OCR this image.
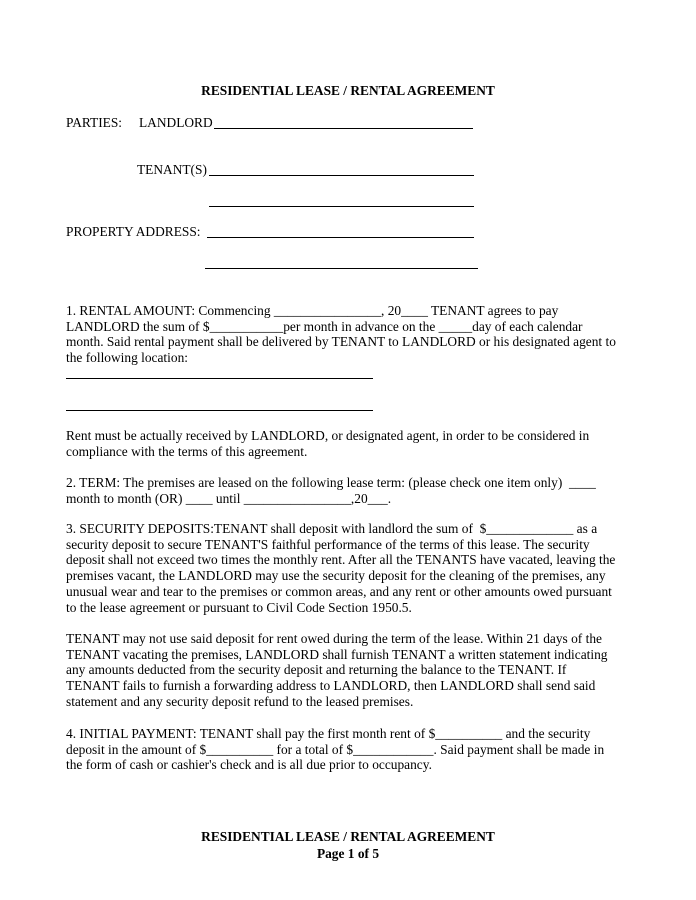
RESIDENTIAL LEASE / RENTAL AGREEMENT
PARTIES: LANDLORD
TENANT(S)
PROPERTY ADDRESS:
1. RENTAL AMOUNT: Commencing ________________, 20____ TENANT agrees to pay
LANDLORD the sum of $___________per month in advance on the _____day of each calendar
month. Said rental payment shall be delivered by TENANT to LANDLORD or his designated agent to
the following location:
Rent must be actually received by LANDLORD, or designated agent, in order to be considered in
compliance with the terms of this agreement.
2. TERM: The premises are leased on the following lease term: (please check one item only)  ____
month to month (OR) ____ until ________________,20___.
3. SECURITY DEPOSITS:TENANT shall deposit with landlord the sum of  $_____________ as a
security deposit to secure TENANT'S faithful performance of the terms of this lease. The security
deposit shall not exceed two times the monthly rent. After all the TENANTS have vacated, leaving the
premises vacant, the LANDLORD may use the security deposit for the cleaning of the premises, any
unusual wear and tear to the premises or common areas, and any rent or other amounts owed pursuant
to the lease agreement or pursuant to Civil Code Section 1950.5.
TENANT may not use said deposit for rent owed during the term of the lease. Within 21 days of the
TENANT vacating the premises, LANDLORD shall furnish TENANT a written statement indicating
any amounts deducted from the security deposit and returning the balance to the TENANT. If
TENANT fails to furnish a forwarding address to LANDLORD, then LANDLORD shall send said
statement and any security deposit refund to the leased premises.
4. INITIAL PAYMENT: TENANT shall pay the first month rent of $__________ and the security
deposit in the amount of $__________ for a total of $____________. Said payment shall be made in
the form of cash or cashier's check and is all due prior to occupancy.
RESIDENTIAL LEASE / RENTAL AGREEMENT
Page 1 of 5
